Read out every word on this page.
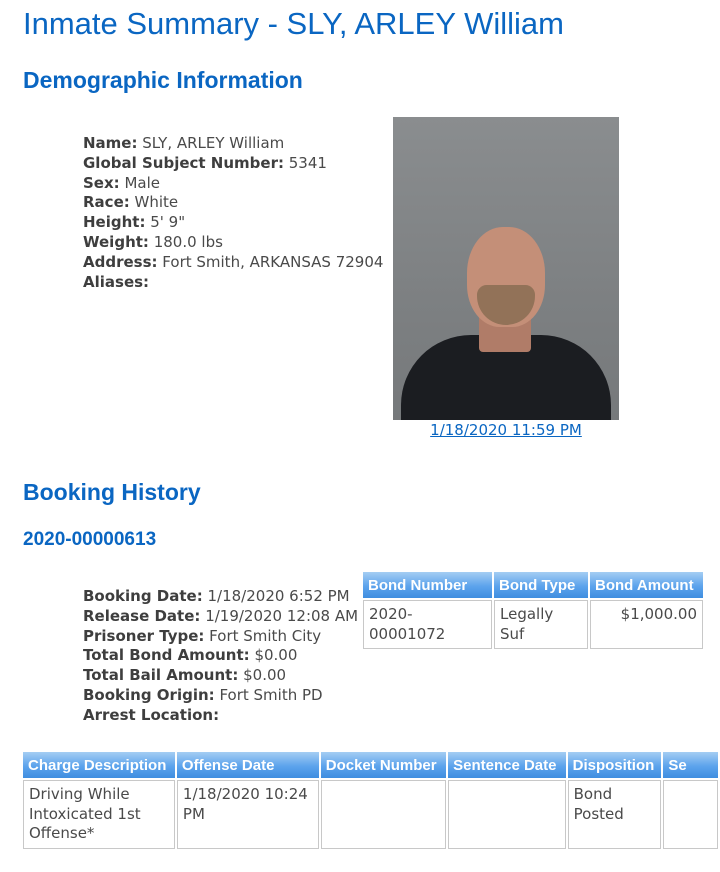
Inmate Summary - SLY, ARLEY William
Demographic Information
Name: SLY, ARLEY William
Global Subject Number: 5341
Sex: Male
Race: White
Height: 5' 9"
Weight: 180.0 lbs
Address: Fort Smith, ARKANSAS 72904
Aliases:
1/18/2020 11:59 PM
Booking History
2020-00000613
Booking Date: 1/18/2020 6:52 PM
Release Date: 1/19/2020 12:08 AM
Prisoner Type: Fort Smith City
Total Bond Amount: $0.00
Total Bail Amount: $0.00
Booking Origin: Fort Smith PD
Arrest Location:
Bond Number	Bond Type	Bond Amount
2020-00001072	Legally Suf	$1,000.00
Charge Description	Offense Date	Docket Number	Sentence Date	Disposition	Se
Driving While Intoxicated 1st Offense*	1/18/2020 10:24 PM			Bond Posted	
